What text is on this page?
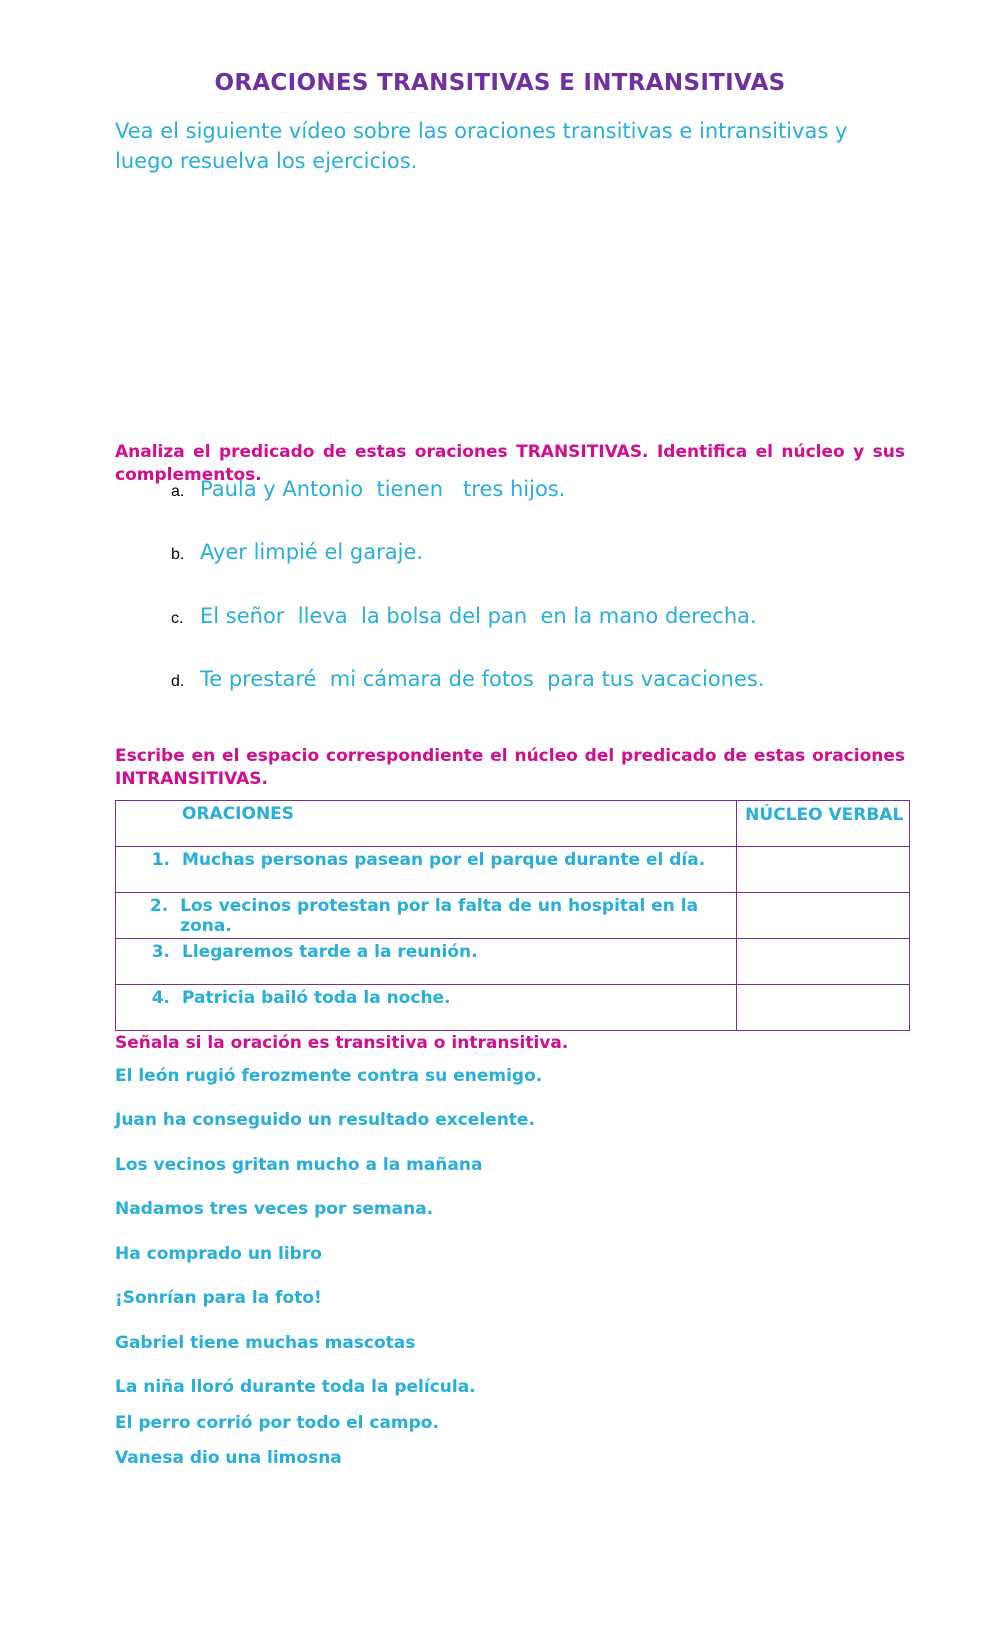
ORACIONES TRANSITIVAS E INTRANSITIVAS
Vea el siguiente vídeo sobre las oraciones transitivas e intransitivas y luego resuelva los ejercicios.
Analiza el predicado de estas oraciones TRANSITIVAS. Identifica el núcleo y sus complementos.
a. Paula y Antonio  tienen   tres hijos.
b. Ayer limpié el garaje.
c. El señor  lleva  la bolsa del pan  en la mano derecha.
d. Te prestaré  mi cámara de fotos  para tus vacaciones.
Escribe en el espacio correspondiente el núcleo del predicado de estas oraciones INTRANSITIVAS.
ORACIONES	NÚCLEO VERBAL

1. Muchas personas pasean por el parque durante el día.	

2. Los vecinos protestan por la falta de un hospital en la zona.	

3. Llegaremos tarde a la reunión.	

4. Patricia bailó toda la noche.	

Señala si la oración es transitiva o intransitiva.
El león rugió ferozmente contra su enemigo.
Juan ha conseguido un resultado excelente.
Los vecinos gritan mucho a la mañana
Nadamos tres veces por semana.
Ha comprado un libro
¡Sonrían para la foto!
Gabriel tiene muchas mascotas
La niña lloró durante toda la película.
El perro corrió por todo el campo.
Vanesa dio una limosna
